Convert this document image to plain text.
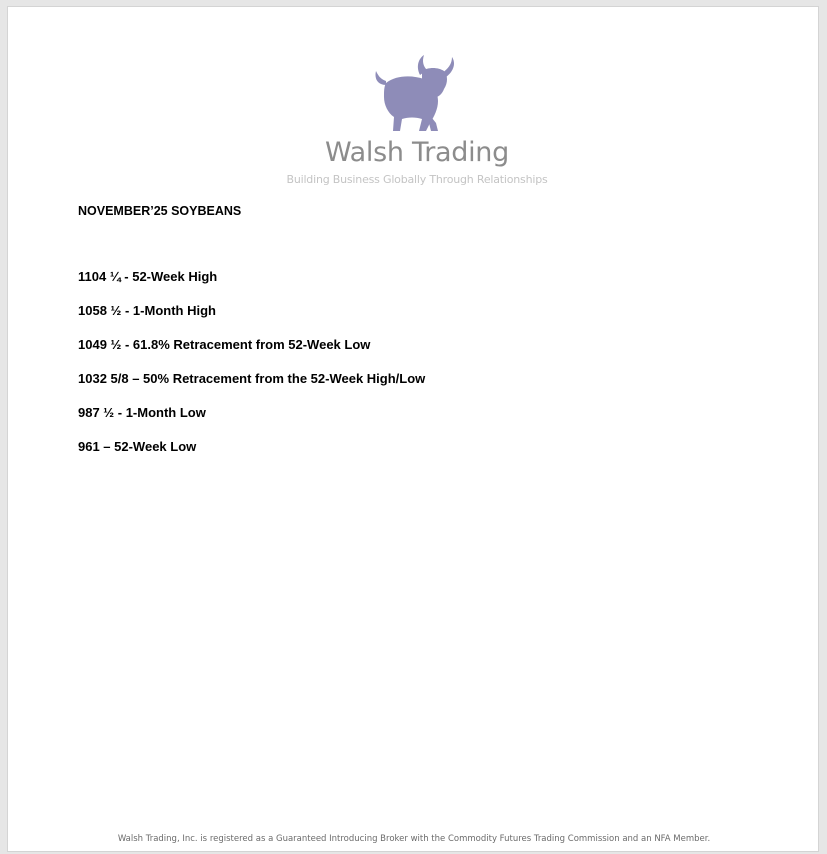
Walsh Trading
Building Business Globally Through Relationships
NOVEMBER’25 SOYBEANS
1104 ¼ - 52-Week High
1058 ½ - 1-Month High
1049 ½ - 61.8% Retracement from 52-Week Low
1032 5/8 – 50% Retracement from the 52-Week High/Low
987 ½ - 1-Month Low
961 – 52-Week Low
Walsh Trading, Inc. is registered as a Guaranteed Introducing Broker with the Commodity Futures Trading Commission and an NFA Member.
